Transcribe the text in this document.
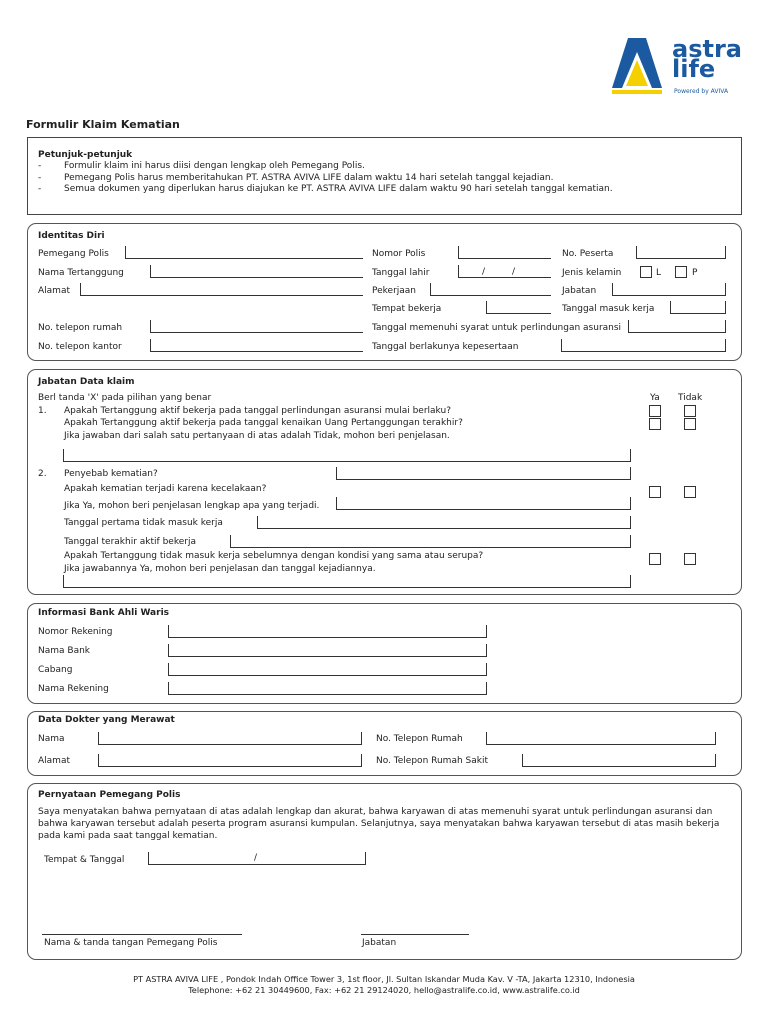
astra
life
Powered by AVIVA
Formulir Klaim Kematian
Petunjuk-petunjuk
-	Formulir klaim ini harus diisi dengan lengkap oleh Pemegang Polis.
-	Pemegang Polis harus memberitahukan PT. ASTRA AVIVA LIFE dalam waktu 14 hari setelah tanggal kejadian.
-	Semua dokumen yang diperlukan harus diajukan ke PT. ASTRA AVIVA LIFE dalam waktu 90 hari setelah tanggal kematian.
Identitas Diri
Pemegang Polis	Nomor Polis	No. Peserta
Nama Tertanggung	Tanggal lahir	/	/	Jenis kelamin	L	P
Alamat	Pekerjaan	Jabatan
Tempat bekerja	Tanggal masuk kerja
No. telepon rumah	Tanggal memenuhi syarat untuk perlindungan asuransi
No. telepon kantor	Tanggal berlakunya kepesertaan
Jabatan Data klaim
Berl tanda 'X' pada pilihan yang benar	Ya Tidak
1. Apakah Tertanggung aktif bekerja pada tanggal perlindungan asuransi mulai berlaku?
Apakah Tertanggung aktif bekerja pada tanggal kenaikan Uang Pertanggungan terakhir?
Jika jawaban dari salah satu pertanyaan di atas adalah Tidak, mohon beri penjelasan.
2. Penyebab kematian?
Apakah kematian terjadi karena kecelakaan?
Jika Ya, mohon beri penjelasan lengkap apa yang terjadi.
Tanggal pertama tidak masuk kerja
Tanggal terakhir aktif bekerja
Apakah Tertanggung tidak masuk kerja sebelumnya dengan kondisi yang sama atau serupa?
Jika jawabannya Ya, mohon beri penjelasan dan tanggal kejadiannya.
Informasi Bank Ahli Waris
Nomor Rekening
Nama Bank
Cabang
Nama Rekening
Data Dokter yang Merawat
Nama	No. Telepon Rumah
Alamat	No. Telepon Rumah Sakit
Pernyataan Pemegang Polis
Saya menyatakan bahwa pernyataan di atas adalah lengkap dan akurat, bahwa karyawan di atas memenuhi syarat untuk perlindungan asuransi dan
bahwa karyawan tersebut adalah peserta program asuransi kumpulan. Selanjutnya, saya menyatakan bahwa karyawan tersebut di atas masih bekerja
pada kami pada saat tanggal kematian.
Tempat & Tanggal	/
Nama & tanda tangan Pemegang Polis	Jabatan
PT ASTRA AVIVA LIFE , Pondok Indah Office Tower 3, 1st floor, Jl. Sultan Iskandar Muda Kav. V -TA, Jakarta 12310, Indonesia
Telephone: +62 21 30449600, Fax: +62 21 29124020, hello@astralife.co.id, www.astralife.co.id
